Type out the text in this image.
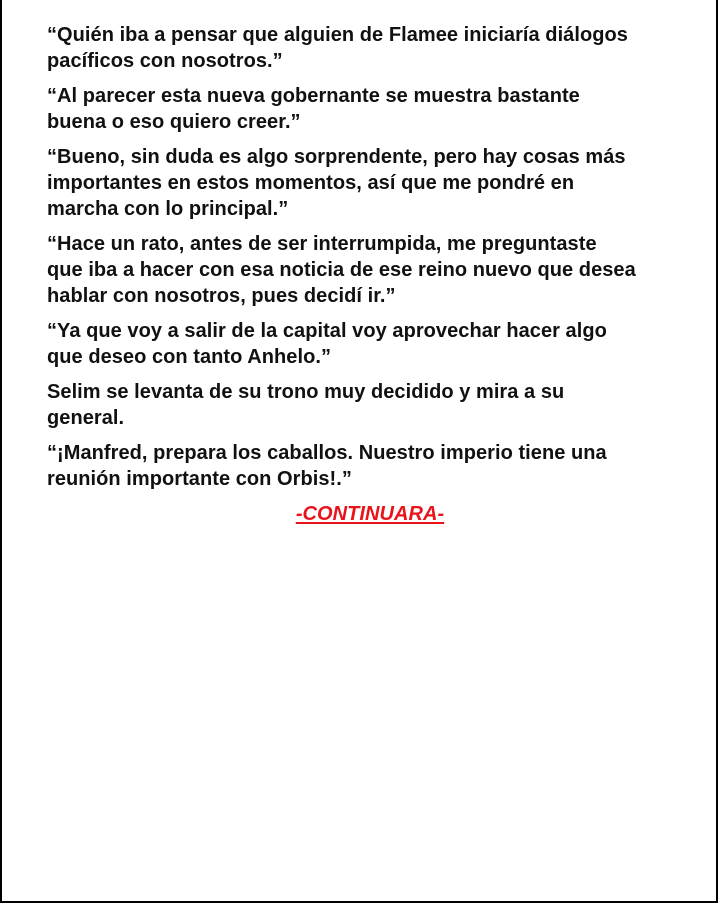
“Quién iba a pensar que alguien de Flamee iniciaría diálogos
pacíficos con nosotros.”

“Al parecer esta nueva gobernante se muestra bastante
buena o eso quiero creer.”

“Bueno, sin duda es algo sorprendente, pero hay cosas más
importantes en estos momentos, así que me pondré en
marcha con lo principal.”

“Hace un rato, antes de ser interrumpida, me preguntaste
que iba a hacer con esa noticia de ese reino nuevo que desea
hablar con nosotros, pues decidí ir.”

“Ya que voy a salir de la capital voy aprovechar hacer algo
que deseo con tanto Anhelo.”

Selim se levanta de su trono muy decidido y mira a su
general.

“¡Manfred, prepara los caballos. Nuestro imperio tiene una
reunión importante con Orbis!.”

-CONTINUARA-
